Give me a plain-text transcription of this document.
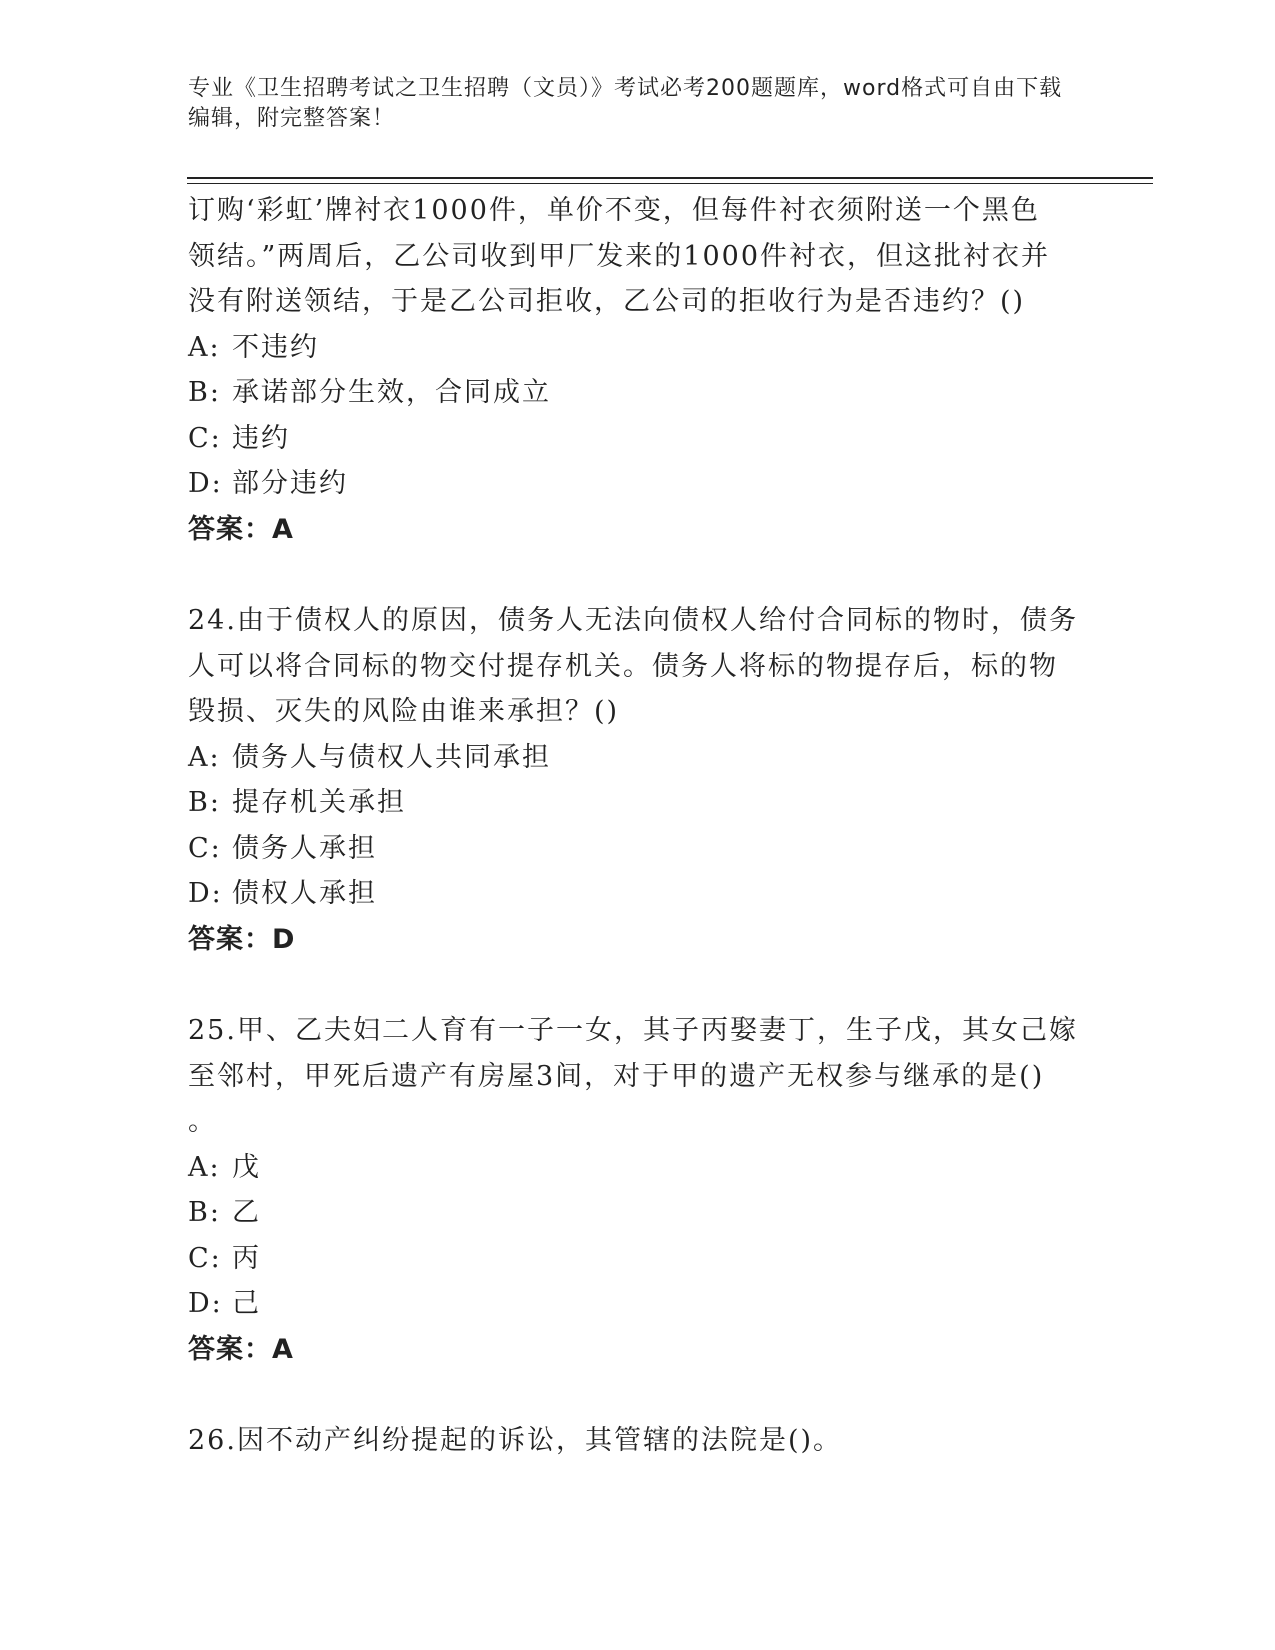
专业《卫生招聘考试之卫生招聘（文员）》考试必考200题题库，word格式可自由下载编辑，附完整答案！

订购‘彩虹’牌衬衣1000件，单价不变，但每件衬衣须附送一个黑色
领结。”两周后，乙公司收到甲厂发来的1000件衬衣，但这批衬衣并
没有附送领结，于是乙公司拒收，乙公司的拒收行为是否违约？()

A: 不违约
B: 承诺部分生效，合同成立
C: 违约
D: 部分违约
答案：A

24.由于债权人的原因，债务人无法向债权人给付合同标的物时，债务
人可以将合同标的物交付提存机关。债务人将标的物提存后，标的物
毁损、灭失的风险由谁来承担？()

A: 债务人与债权人共同承担
B: 提存机关承担
C: 债务人承担
D: 债权人承担
答案：D

25.甲、乙夫妇二人育有一子一女，其子丙娶妻丁，生子戊，其女己嫁
至邻村，甲死后遗产有房屋3间，对于甲的遗产无权参与继承的是()
。

A: 戊
B: 乙
C: 丙
D: 己
答案：A

26.因不动产纠纷提起的诉讼，其管辖的法院是()。
